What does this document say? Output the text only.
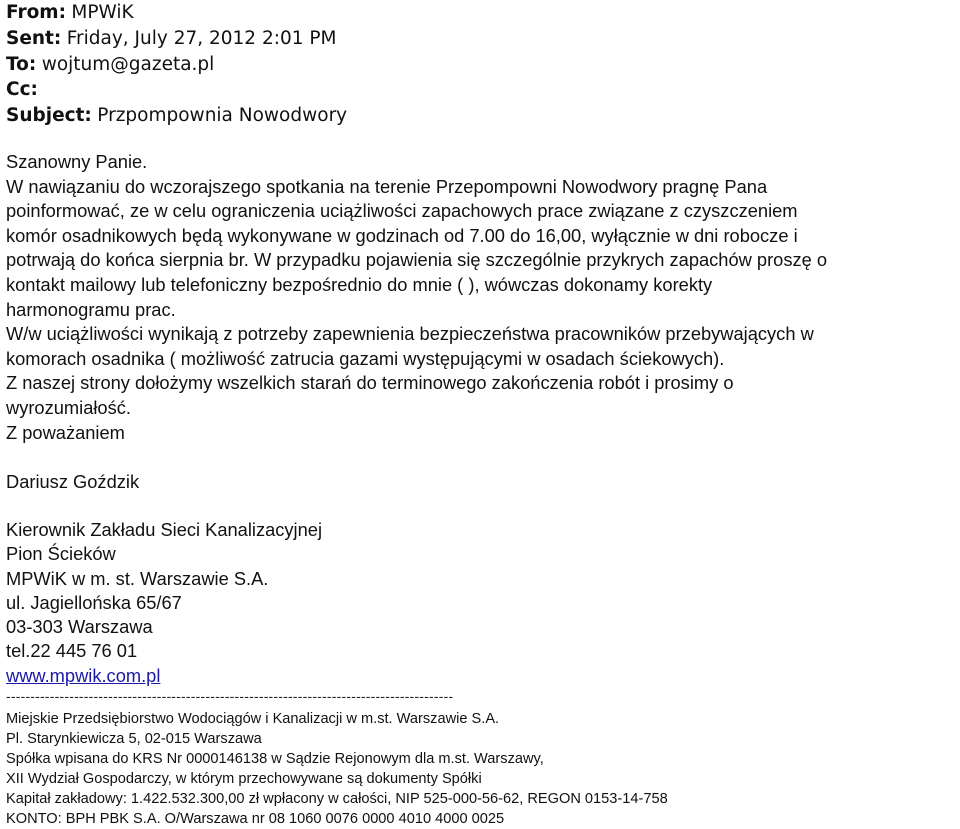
From: MPWiK
Sent: Friday, July 27, 2012 2:01 PM
To: wojtum@gazeta.pl
Cc:
Subject: Przpompownia Nowodwory
Szanowny Panie.
W nawiązaniu do wczorajszego spotkania na terenie Przepompowni Nowodwory pragnę Pana
poinformować, ze w celu ograniczenia uciążliwości zapachowych prace związane z czyszczeniem
komór osadnikowych będą wykonywane w godzinach od 7.00 do 16,00, wyłącznie w dni robocze i
potrwają do końca sierpnia br. W przypadku pojawienia się szczególnie przykrych zapachów proszę o
kontakt mailowy lub telefoniczny bezpośrednio do mnie ( ), wówczas dokonamy korekty
harmonogramu prac.
W/w uciążliwości wynikają z potrzeby zapewnienia bezpieczeństwa pracowników przebywających w
komorach osadnika ( możliwość zatrucia gazami występującymi w osadach ściekowych).
Z naszej strony dołożymy wszelkich starań do terminowego zakończenia robót i prosimy o
wyrozumiałość.
Z poważaniem
Dariusz Goździk
Kierownik Zakładu Sieci Kanalizacyjnej
Pion Ścieków
MPWiK w m. st. Warszawie S.A.
ul. Jagiellońska 65/67
03-303 Warszawa
tel.22 445 76 01
www.mpwik.com.pl
--------------------------------------------------------------------------------------------
Miejskie Przedsiębiorstwo Wodociągów i Kanalizacji w m.st. Warszawie S.A.
Pl. Starynkiewicza 5, 02-015 Warszawa
Spółka wpisana do KRS Nr 0000146138 w Sądzie Rejonowym dla m.st. Warszawy,
XII Wydział Gospodarczy, w którym przechowywane są dokumenty Spółki
Kapitał zakładowy: 1.422.532.300,00 zł wpłacony w całości, NIP 525-000-56-62, REGON 0153-14-758
KONTO: BPH PBK S.A. O/Warszawa nr 08 1060 0076 0000 4010 4000 0025
